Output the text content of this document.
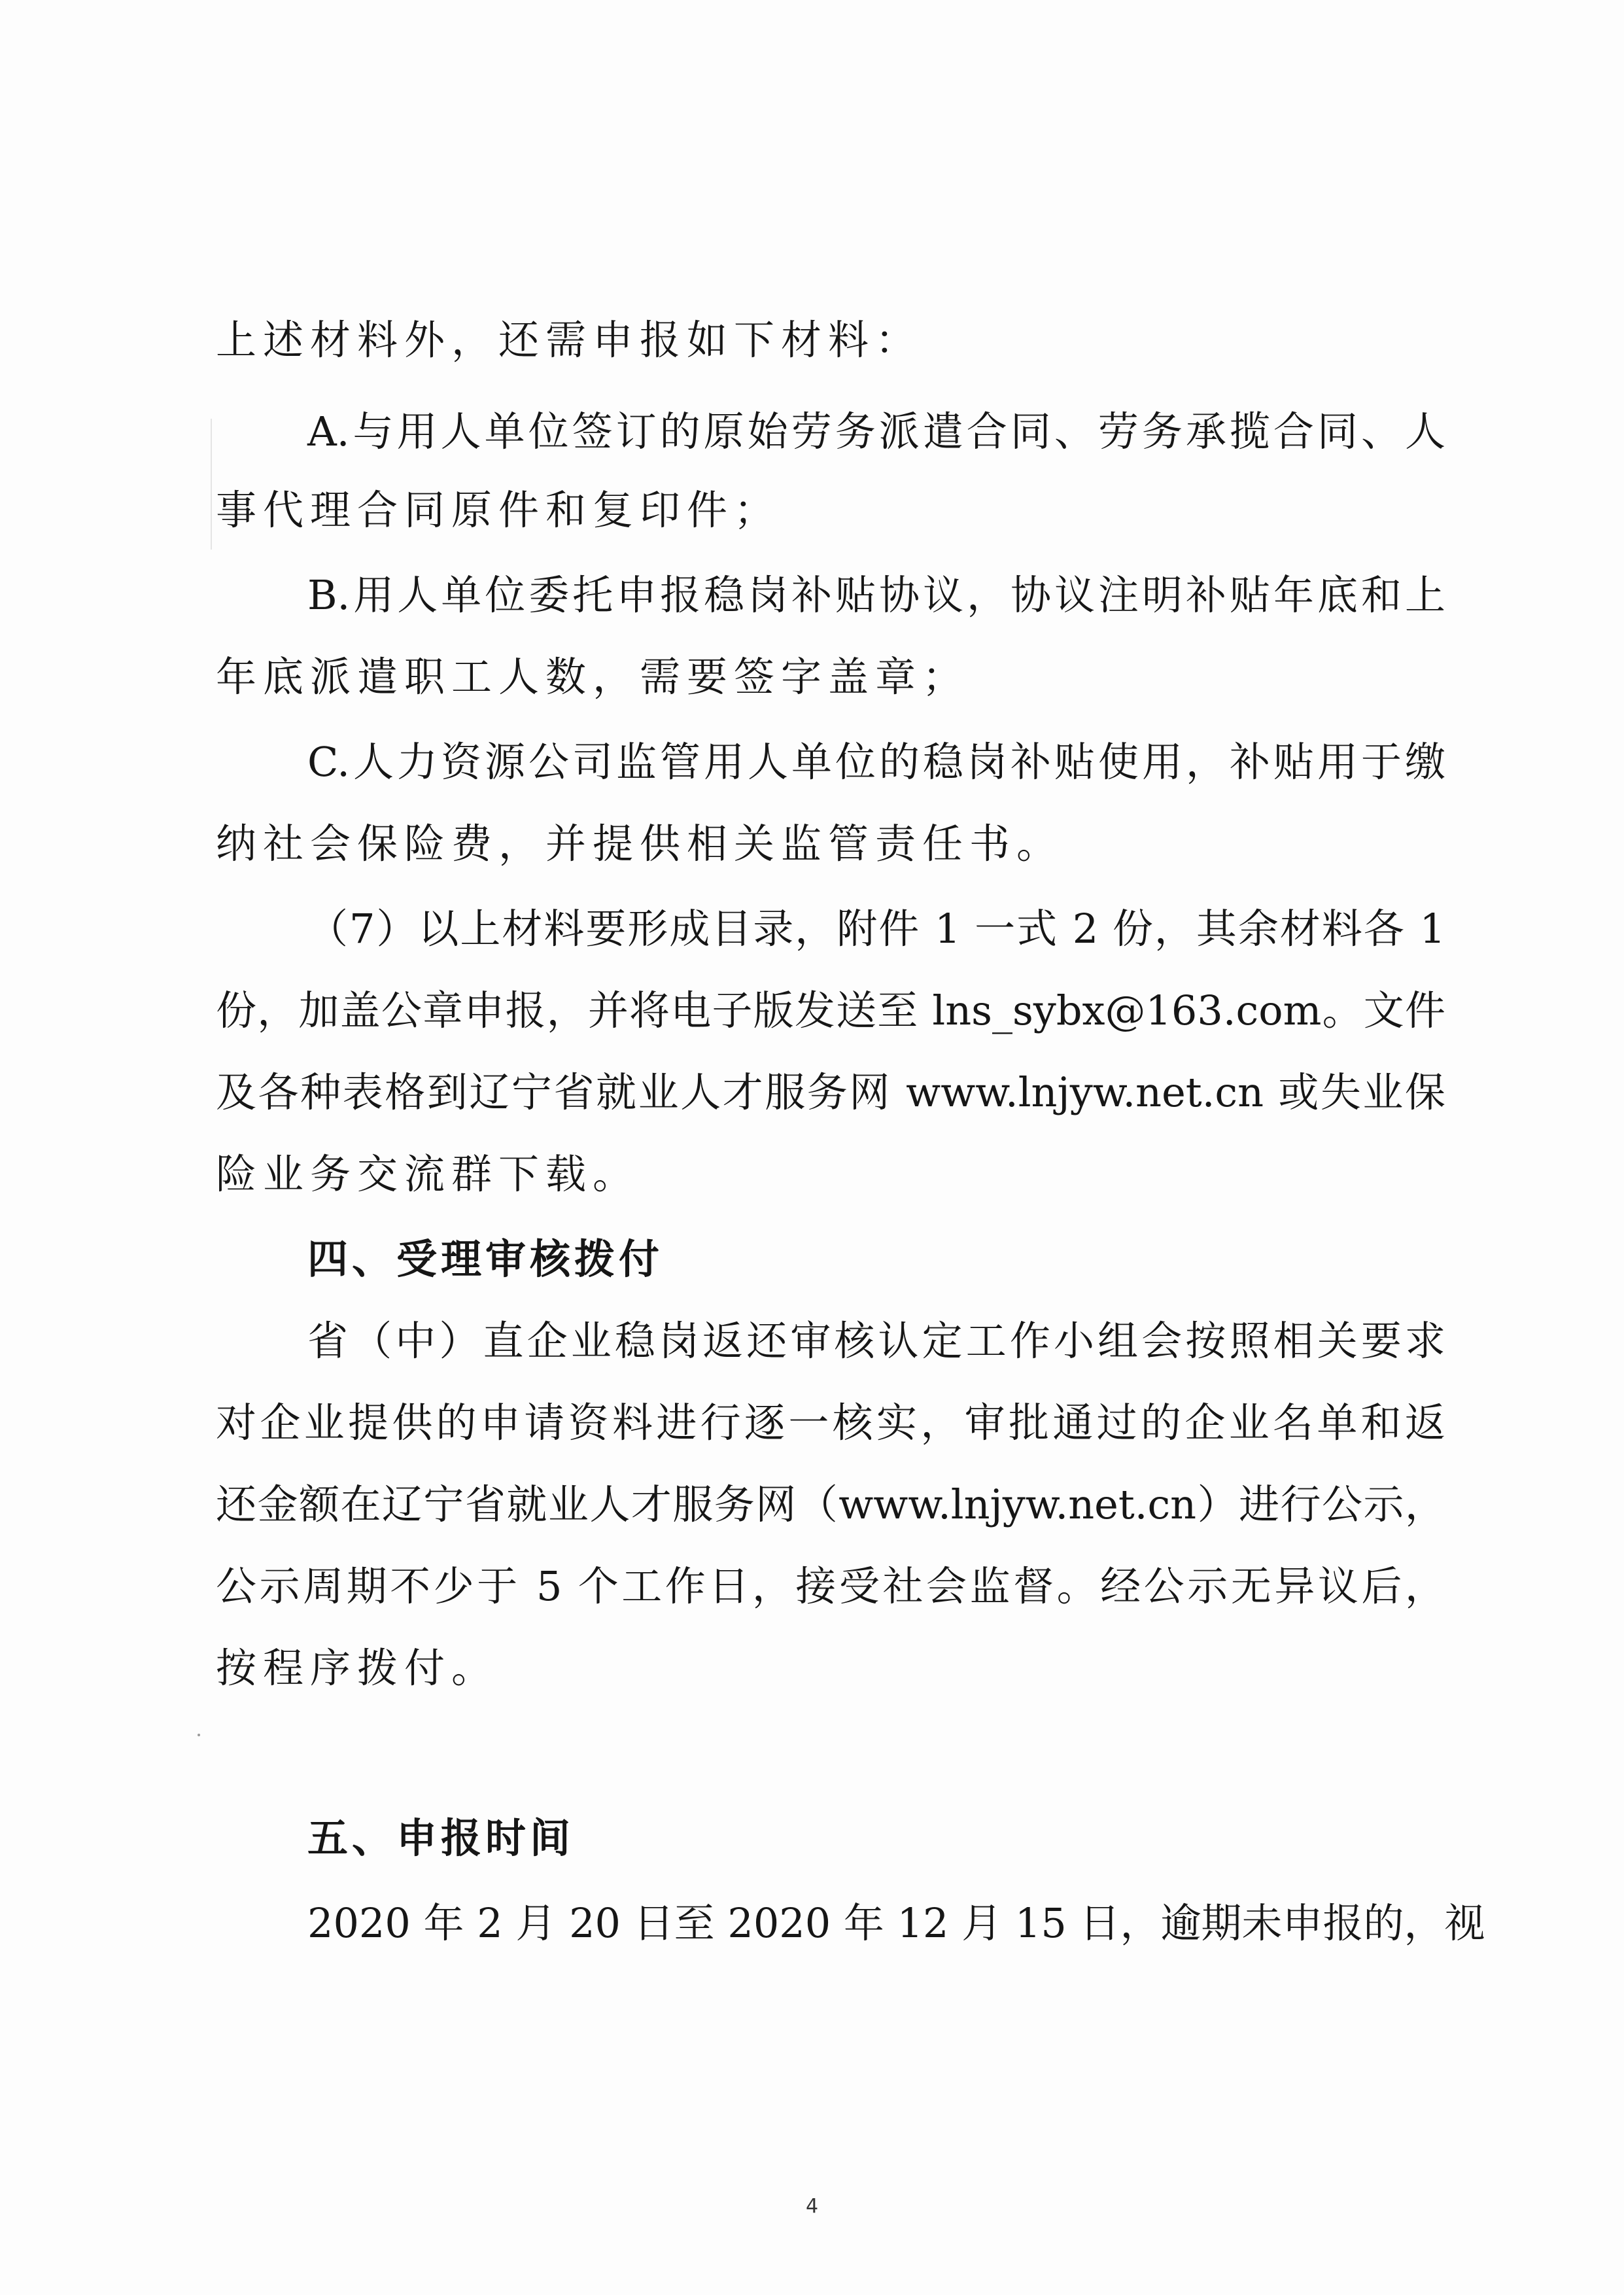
上述材料外，还需申报如下材料：
A.与用人单位签订的原始劳务派遣合同、劳务承揽合同、人
事代理合同原件和复印件；
B.用人单位委托申报稳岗补贴协议，协议注明补贴年底和上
年底派遣职工人数，需要签字盖章；
C.人力资源公司监管用人单位的稳岗补贴使用，补贴用于缴
纳社会保险费，并提供相关监管责任书。
（7）以上材料要形成目录，附件 1 一式 2 份，其余材料各 1
份，加盖公章申报，并将电子版发送至 lns_sybx@163.com。文件
及各种表格到辽宁省就业人才服务网 www.lnjyw.net.cn 或失业保
险业务交流群下载。
四、受理审核拨付
省（中）直企业稳岗返还审核认定工作小组会按照相关要求
对企业提供的申请资料进行逐一核实，审批通过的企业名单和返
还金额在辽宁省就业人才服务网（www.lnjyw.net.cn）进行公示，
公示周期不少于 5 个工作日，接受社会监督。经公示无异议后，
按程序拨付。
五、申报时间
2020 年 2 月 20 日至 2020 年 12 月 15 日，逾期未申报的，视
4
